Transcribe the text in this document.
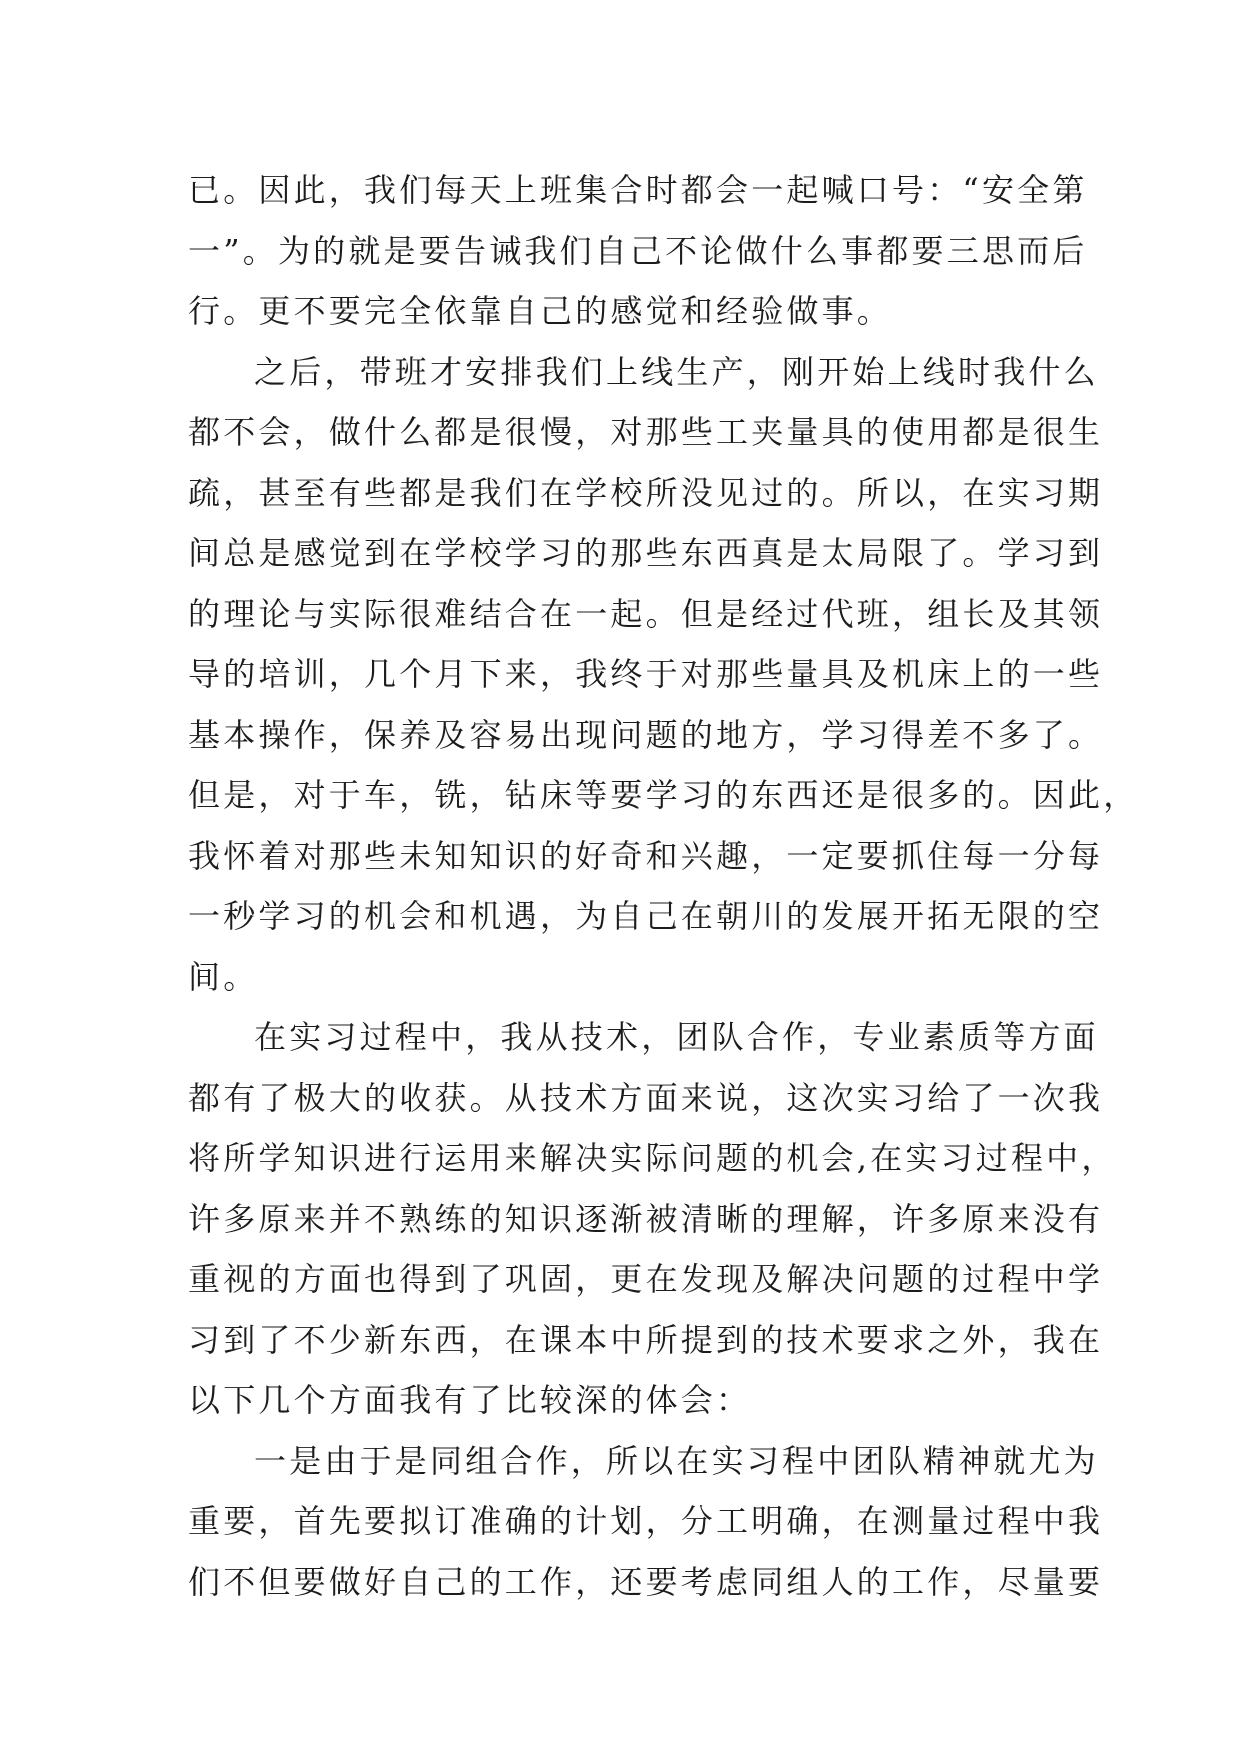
已。因此，我们每天上班集合时都会一起喊口号：“安全第
一”。为的就是要告诫我们自己不论做什么事都要三思而后
行。更不要完全依靠自己的感觉和经验做事。
之后，带班才安排我们上线生产，刚开始上线时我什么
都不会，做什么都是很慢，对那些工夹量具的使用都是很生
疏，甚至有些都是我们在学校所没见过的。所以，在实习期
间总是感觉到在学校学习的那些东西真是太局限了。学习到
的理论与实际很难结合在一起。但是经过代班，组长及其领
导的培训，几个月下来，我终于对那些量具及机床上的一些
基本操作，保养及容易出现问题的地方，学习得差不多了。
但是，对于车，铣，钻床等要学习的东西还是很多的。因此，
我怀着对那些未知知识的好奇和兴趣，一定要抓住每一分每
一秒学习的机会和机遇，为自己在朝川的发展开拓无限的空
间。
在实习过程中，我从技术，团队合作，专业素质等方面
都有了极大的收获。从技术方面来说，这次实习给了一次我
将所学知识进行运用来解决实际问题的机会,在实习过程中，
许多原来并不熟练的知识逐渐被清晰的理解，许多原来没有
重视的方面也得到了巩固，更在发现及解决问题的过程中学
习到了不少新东西，在课本中所提到的技术要求之外，我在
以下几个方面我有了比较深的体会：
一是由于是同组合作，所以在实习程中团队精神就尤为
重要，首先要拟订准确的计划，分工明确，在测量过程中我
们不但要做好自己的工作，还要考虑同组人的工作，尽量要
